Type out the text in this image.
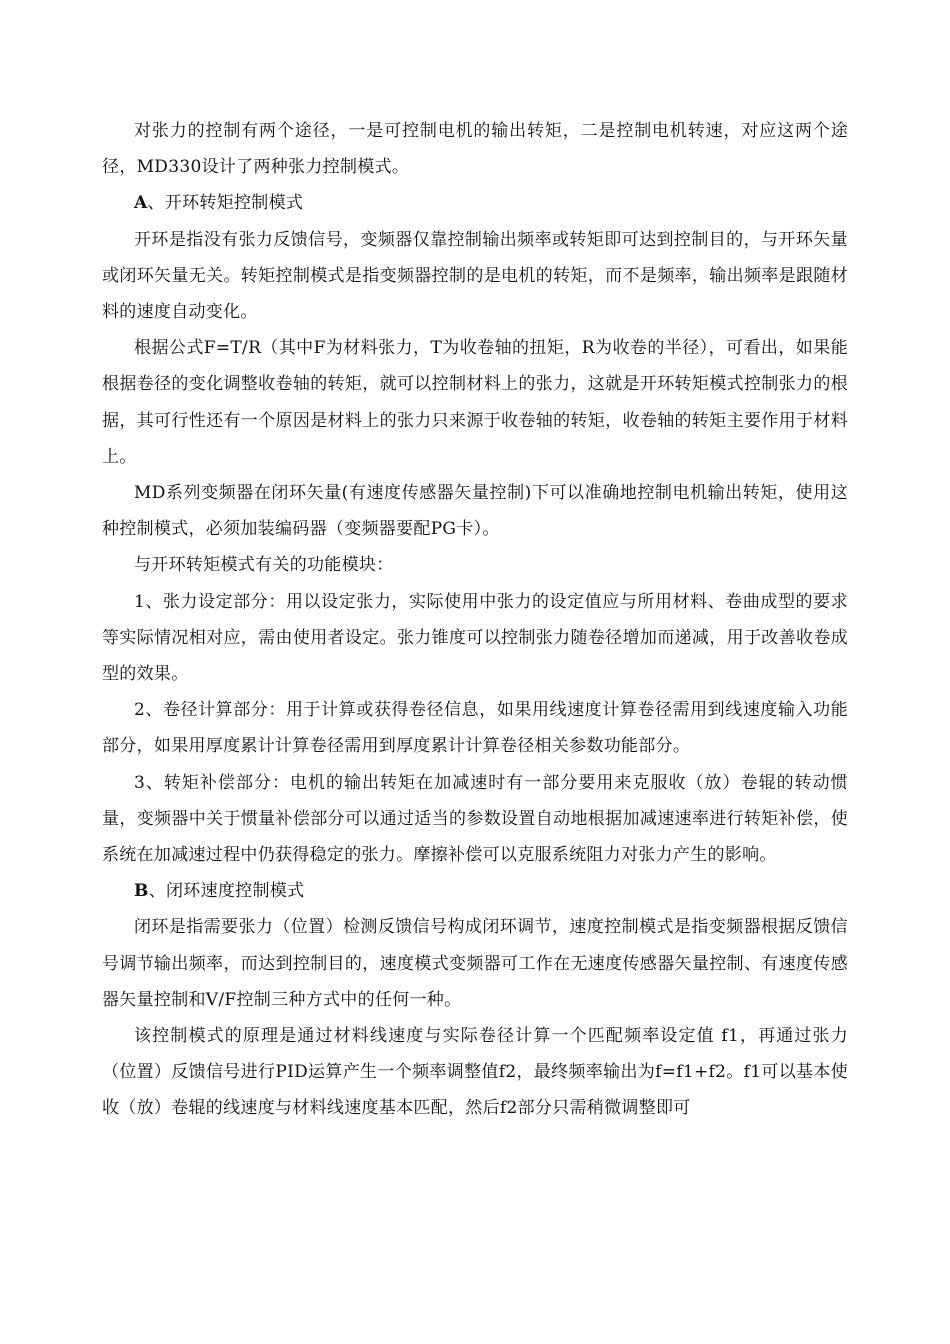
对张力的控制有两个途径，一是可控制电机的输出转矩，二是控制电机转速，对应这两个途径，MD330设计了两种张力控制模式。

A、开环转矩控制模式

开环是指没有张力反馈信号，变频器仅靠控制输出频率或转矩即可达到控制目的，与开环矢量或闭环矢量无关。转矩控制模式是指变频器控制的是电机的转矩，而不是频率，输出频率是跟随材料的速度自动变化。

根据公式F=T/R（其中F为材料张力，T为收卷轴的扭矩，R为收卷的半径），可看出，如果能根据卷径的变化调整收卷轴的转矩，就可以控制材料上的张力，这就是开环转矩模式控制张力的根据，其可行性还有一个原因是材料上的张力只来源于收卷轴的转矩，收卷轴的转矩主要作用于材料上。

MD系列变频器在闭环矢量(有速度传感器矢量控制)下可以准确地控制电机输出转矩，使用这种控制模式，必须加装编码器（变频器要配PG卡）。

与开环转矩模式有关的功能模块：

1、张力设定部分：用以设定张力，实际使用中张力的设定值应与所用材料、卷曲成型的要求等实际情况相对应，需由使用者设定。张力锥度可以控制张力随卷径增加而递减，用于改善收卷成型的效果。

2、卷径计算部分：用于计算或获得卷径信息，如果用线速度计算卷径需用到线速度输入功能部分，如果用厚度累计计算卷径需用到厚度累计计算卷径相关参数功能部分。

3、转矩补偿部分：电机的输出转矩在加减速时有一部分要用来克服收（放）卷辊的转动惯量，变频器中关于惯量补偿部分可以通过适当的参数设置自动地根据加减速速率进行转矩补偿，使系统在加减速过程中仍获得稳定的张力。摩擦补偿可以克服系统阻力对张力产生的影响。

B、闭环速度控制模式

闭环是指需要张力（位置）检测反馈信号构成闭环调节，速度控制模式是指变频器根据反馈信号调节输出频率，而达到控制目的，速度模式变频器可工作在无速度传感器矢量控制、有速度传感器矢量控制和V/F控制三种方式中的任何一种。

该控制模式的原理是通过材料线速度与实际卷径计算一个匹配频率设定值 f1，再通过张力（位置）反馈信号进行PID运算产生一个频率调整值f2，最终频率输出为f=f1+f2。f1可以基本使收（放）卷辊的线速度与材料线速度基本匹配，然后f2部分只需稍微调整即可
